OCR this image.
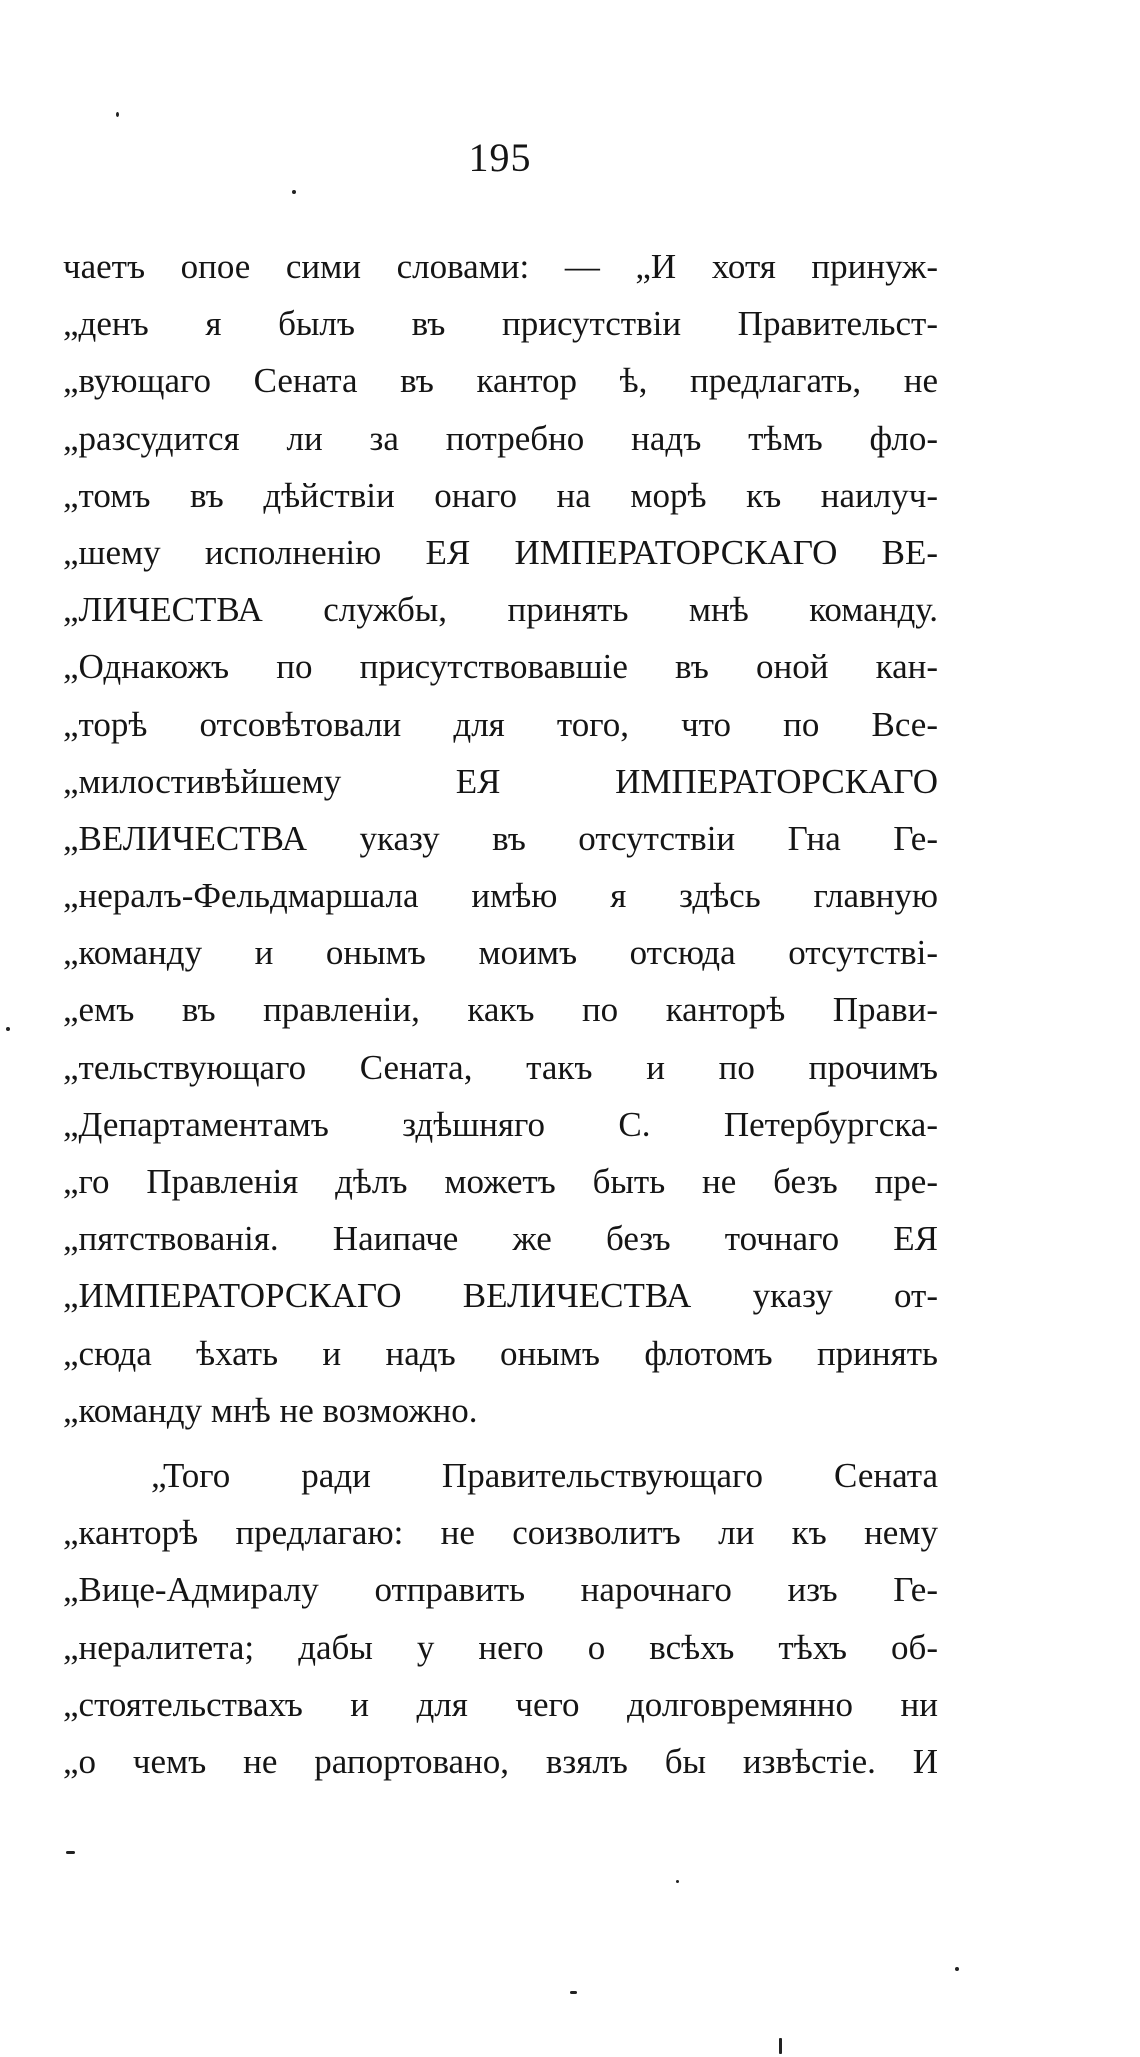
195
чаетъ опое сими словами: — „И хотя принуж-
„денъ я былъ въ присутствіи Правительст-
„вующаго Сената въ кантор ѣ, предлагать, не
„разсудится ли за потребно надъ тѣмъ фло-
„томъ въ дѣйствіи онаго на морѣ къ наилуч-
„шему исполненію ЕЯ ИМПЕРАТОРСКАГО ВЕ-
„ЛИЧЕСТВА службы, принять мнѣ команду.
„Однакожъ по присутствовавшіе въ оной кан-
„торѣ отсовѣтовали для того, что по Все-
„милостивѣйшему ЕЯ ИМПЕРАТОРСКАГО
„ВЕЛИЧЕСТВА указу въ отсутствіи Гна Ге-
„нералъ-Фельдмаршала имѣю я здѣсь главную
„команду и онымъ моимъ отсюда отсутствi-
„емъ въ правленіи, какъ по канторѣ Прави-
„тельствующаго Сената, такъ и по прочимъ
„Департаментамъ здѣшняго С. Петербургска-
„го Правленія дѣлъ можетъ быть не безъ пре-
„пятствованія. Наипаче же безъ точнаго ЕЯ
„ИМПЕРАТОРСКАГО ВЕЛИЧЕСТВА указу от-
„сюда ѣхать и надъ онымъ флотомъ принять
„команду мнѣ не возможно.
„Того ради Правительствующаго Сената
„канторѣ предлагаю: не соизволитъ ли къ нему
„Вице-Адмиралу отправить нарочнаго изъ Ге-
„нералитета; дабы у него о всѣхъ тѣхъ об-
„стоятельствахъ и для чего долговремянно ни
„о чемъ не рапортовано, взялъ бы извѣстіе. И
